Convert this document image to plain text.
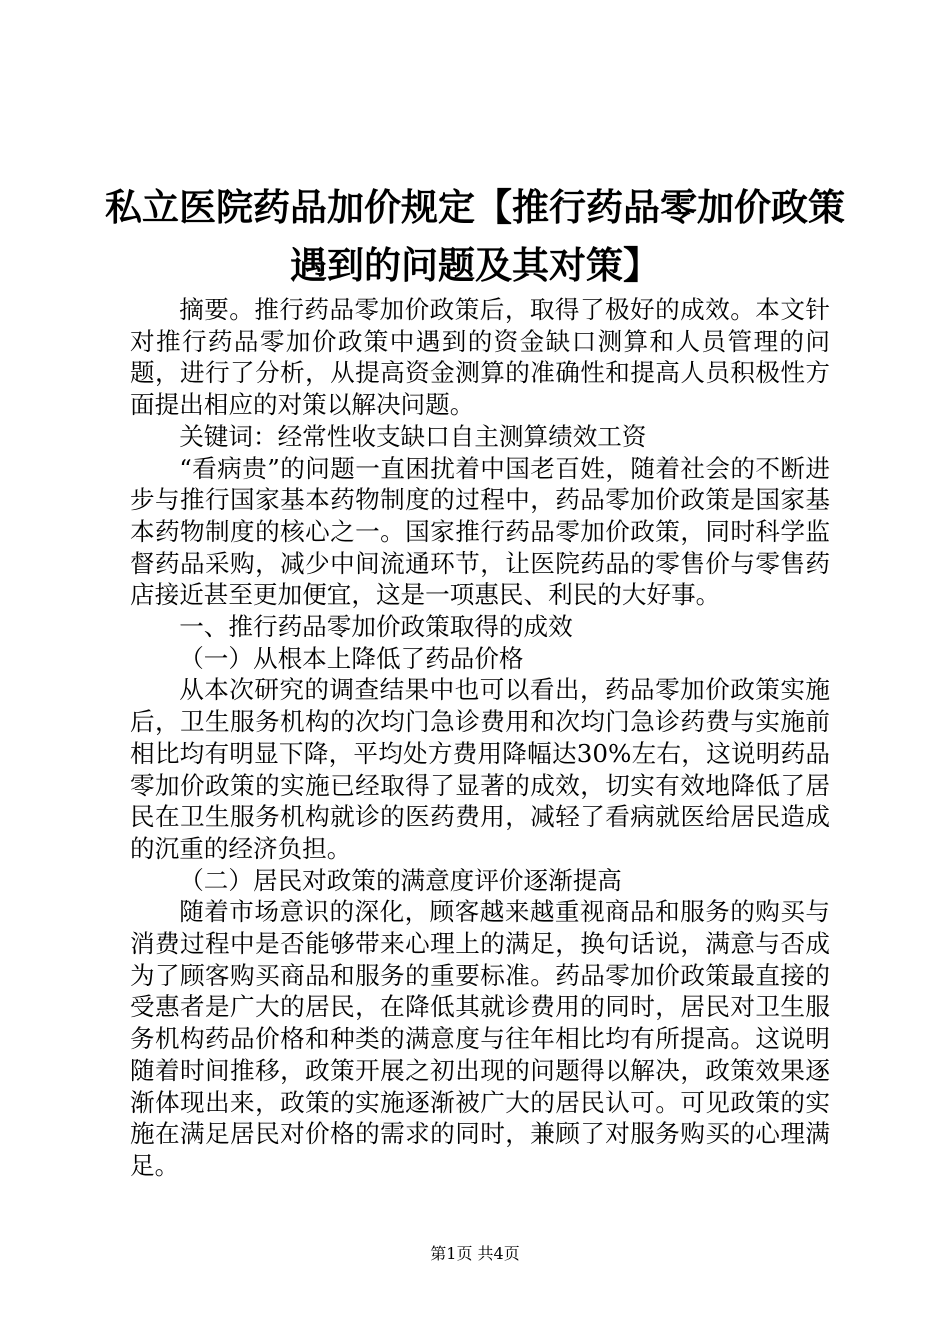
私立医院药品加价规定【推行药品零加价政策
遇到的问题及其对策】

摘要。推行药品零加价政策后，取得了极好的成效。本文针对推行药品零加价政策中遇到的资金缺口测算和人员管理的问题，进行了分析，从提高资金测算的准确性和提高人员积极性方面提出相应的对策以解决问题。

关键词：经常性收支缺口自主测算绩效工资

“看病贵”的问题一直困扰着中国老百姓，随着社会的不断进步与推行国家基本药物制度的过程中，药品零加价政策是国家基本药物制度的核心之一。国家推行药品零加价政策，同时科学监督药品采购，减少中间流通环节，让医院药品的零售价与零售药店接近甚至更加便宜，这是一项惠民、利民的大好事。

一、推行药品零加价政策取得的成效

（一）从根本上降低了药品价格

从本次研究的调查结果中也可以看出，药品零加价政策实施后，卫生服务机构的次均门急诊费用和次均门急诊药费与实施前相比均有明显下降，平均处方费用降幅达30%左右，这说明药品零加价政策的实施已经取得了显著的成效，切实有效地降低了居民在卫生服务机构就诊的医药费用，减轻了看病就医给居民造成的沉重的经济负担。

（二）居民对政策的满意度评价逐渐提高

随着市场意识的深化，顾客越来越重视商品和服务的购买与消费过程中是否能够带来心理上的满足，换句话说，满意与否成为了顾客购买商品和服务的重要标准。药品零加价政策最直接的受惠者是广大的居民，在降低其就诊费用的同时，居民对卫生服务机构药品价格和种类的满意度与往年相比均有所提高。这说明随着时间推移，政策开展之初出现的问题得以解决，政策效果逐渐体现出来，政策的实施逐渐被广大的居民认可。可见政策的实施在满足居民对价格的需求的同时，兼顾了对服务购买的心理满足。

第1页 共4页
